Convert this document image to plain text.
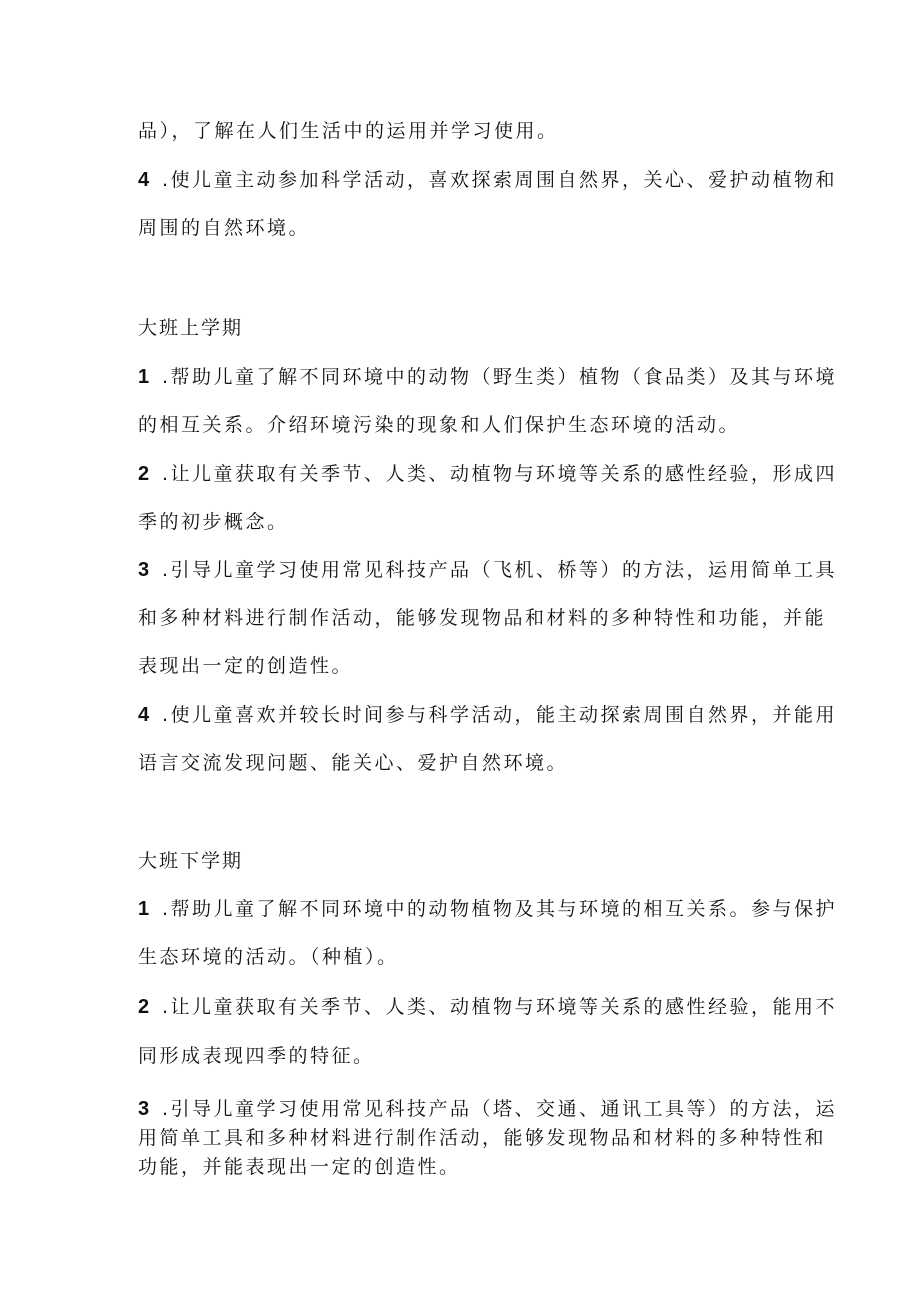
品），了解在人们生活中的运用并学习使用。
4 .使儿童主动参加科学活动，喜欢探索周围自然界，关心、爱护动植物和
周围的自然环境。
大班上学期
1 .帮助儿童了解不同环境中的动物（野生类）植物（食品类）及其与环境
的相互关系。介绍环境污染的现象和人们保护生态环境的活动。
2 .让儿童获取有关季节、人类、动植物与环境等关系的感性经验，形成四
季的初步概念。
3 .引导儿童学习使用常见科技产品（飞机、桥等）的方法，运用简单工具
和多种材料进行制作活动，能够发现物品和材料的多种特性和功能，并能
表现出一定的创造性。
4 .使儿童喜欢并较长时间参与科学活动，能主动探索周围自然界，并能用
语言交流发现问题、能关心、爱护自然环境。
大班下学期
1 .帮助儿童了解不同环境中的动物植物及其与环境的相互关系。参与保护
生态环境的活动。（种植）。
2 .让儿童获取有关季节、人类、动植物与环境等关系的感性经验，能用不
同形成表现四季的特征。
3 .引导儿童学习使用常见科技产品（塔、交通、通讯工具等）的方法，运
用简单工具和多种材料进行制作活动，能够发现物品和材料的多种特性和
功能，并能表现出一定的创造性。
